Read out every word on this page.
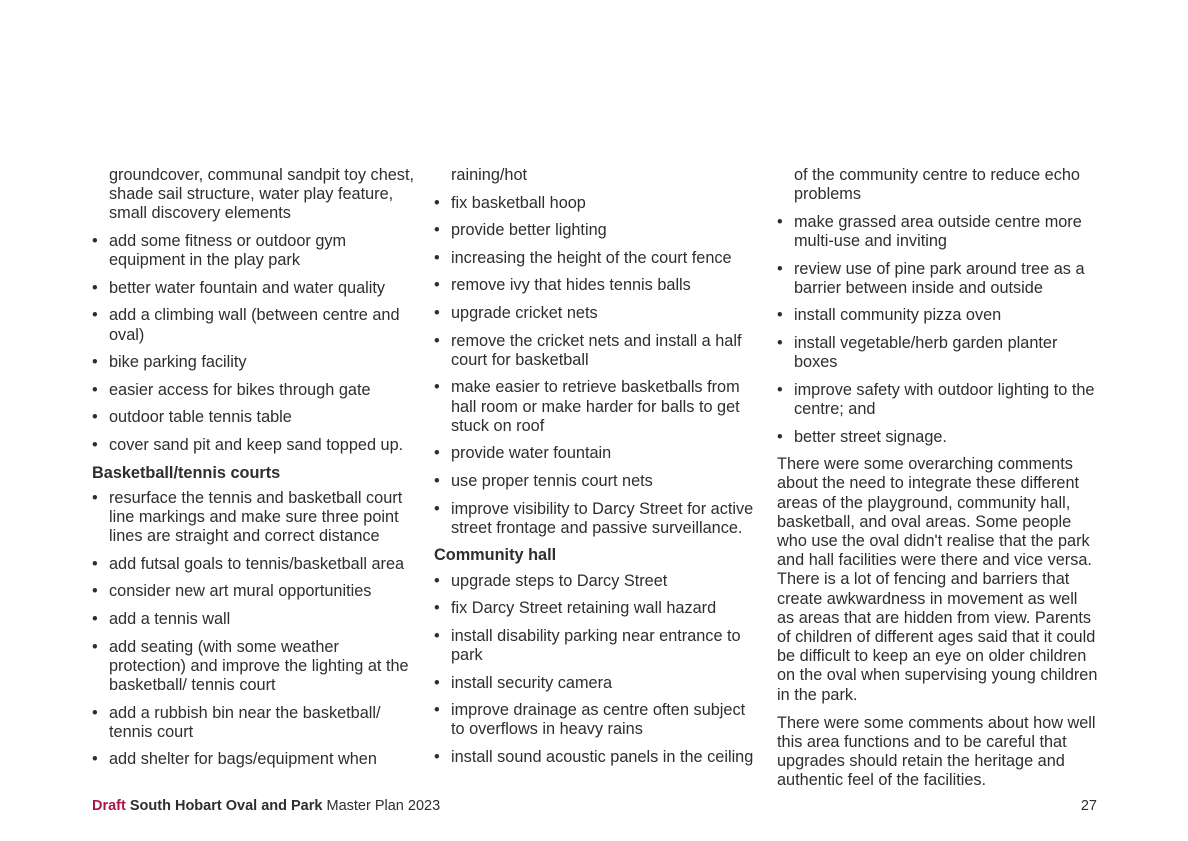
groundcover, communal sandpit toy chest, shade sail structure, water play feature, small discovery elements
• add some fitness or outdoor gym equipment in the play park
• better water fountain and water quality
• add a climbing wall (between centre and oval)
• bike parking facility
• easier access for bikes through gate
• outdoor table tennis table
• cover sand pit and keep sand topped up.
Basketball/tennis courts
• resurface the tennis and basketball court line markings and make sure three point lines are straight and correct distance
• add futsal goals to tennis/basketball area
• consider new art mural opportunities
• add a tennis wall
• add seating (with some weather protection) and improve the lighting at the basketball/ tennis court
• add a rubbish bin near the basketball/ tennis court
• add shelter for bags/equipment when
raining/hot
• fix basketball hoop
• provide better lighting
• increasing the height of the court fence
• remove ivy that hides tennis balls
• upgrade cricket nets
• remove the cricket nets and install a half court for basketball
• make easier to retrieve basketballs from hall room or make harder for balls to get stuck on roof
• provide water fountain
• use proper tennis court nets
• improve visibility to Darcy Street for active street frontage and passive surveillance.
Community hall
• upgrade steps to Darcy Street
• fix Darcy Street retaining wall hazard
• install disability parking near entrance to park
• install security camera
• improve drainage as centre often subject to overflows in heavy rains
• install sound acoustic panels in the ceiling
of the community centre to reduce echo problems
• make grassed area outside centre more multi-use and inviting
• review use of pine park around tree as a barrier between inside and outside
• install community pizza oven
• install vegetable/herb garden planter boxes
• improve safety with outdoor lighting to the centre; and
• better street signage.

There were some overarching comments about the need to integrate these different areas of the playground, community hall, basketball, and oval areas. Some people who use the oval didn't realise that the park and hall facilities were there and vice versa. There is a lot of fencing and barriers that create awkwardness in movement as well as areas that are hidden from view. Parents of children of different ages said that it could be difficult to keep an eye on older children on the oval when supervising young children in the park.

There were some comments about how well this area functions and to be careful that upgrades should retain the heritage and authentic feel of the facilities.

Draft South Hobart Oval and Park Master Plan 2023	27
